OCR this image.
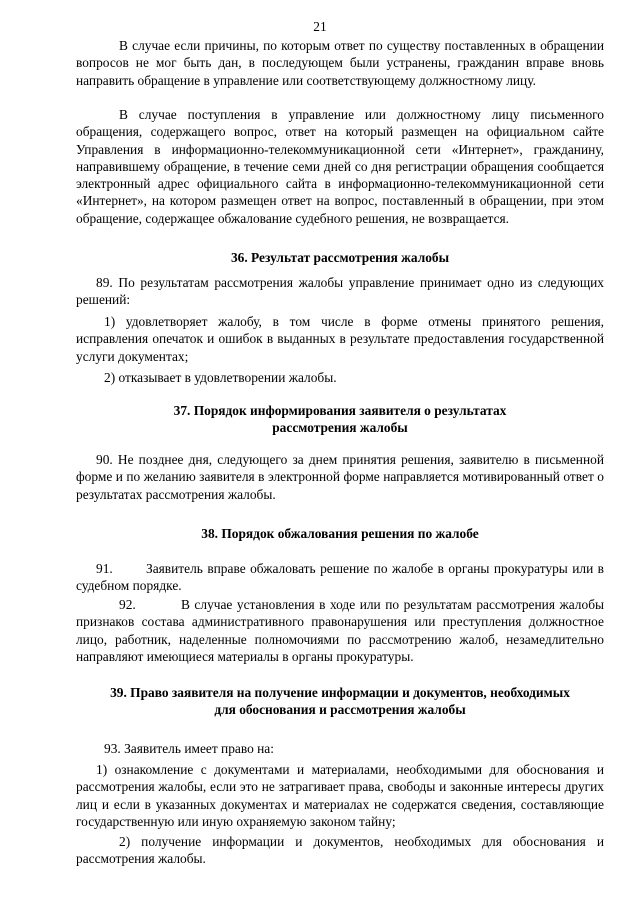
21
В случае если причины, по которым ответ по существу поставленных в обращении вопросов не мог быть дан, в последующем были устранены, гражданин вправе вновь направить обращение в управление или соответствующему должностному лицу.
В случае поступления в управление или должностному лицу письменного обращения, содержащего вопрос, ответ на который размещен на официальном сайте Управления в информационно-телекоммуникационной сети «Интернет», гражданину, направившему обращение, в течение семи дней со дня регистрации обращения сообщается электронный адрес официального сайта в информационно-телекоммуникационной сети «Интернет», на котором размещен ответ на вопрос, поставленный в обращении, при этом обращение, содержащее обжалование судебного решения, не возвращается.
36. Результат рассмотрения жалобы
89. По результатам рассмотрения жалобы управление принимает одно из следующих решений:
1) удовлетворяет жалобу, в том числе в форме отмены принятого решения, исправления опечаток и ошибок в выданных в результате предоставления государственной услуги документах;
2) отказывает в удовлетворении жалобы.
37. Порядок информирования заявителя о результатах
рассмотрения жалобы
90. Не позднее дня, следующего за днем принятия решения, заявителю в письменной форме и по желанию заявителя в электронной форме направляется мотивированный ответ о результатах рассмотрения жалобы.
38. Порядок обжалования решения по жалобе
91. Заявитель вправе обжаловать решение по жалобе в органы прокуратуры или в судебном порядке.
92.	В случае установления в ходе или по результатам рассмотрения жалобы признаков состава административного правонарушения или преступления должностное лицо, работник, наделенные полномочиями по рассмотрению жалоб, незамедлительно направляют имеющиеся материалы в органы прокуратуры.
39. Право заявителя на получение информации и документов, необходимых
для обоснования и рассмотрения жалобы
93. Заявитель имеет право на:
1) ознакомление с документами и материалами, необходимыми для обоснования и рассмотрения жалобы, если это не затрагивает права, свободы и законные интересы других лиц и если в указанных документах и материалах не содержатся сведения, составляющие государственную или иную охраняемую законом тайну;
2) получение информации и документов, необходимых для обоснования и рассмотрения жалобы.
